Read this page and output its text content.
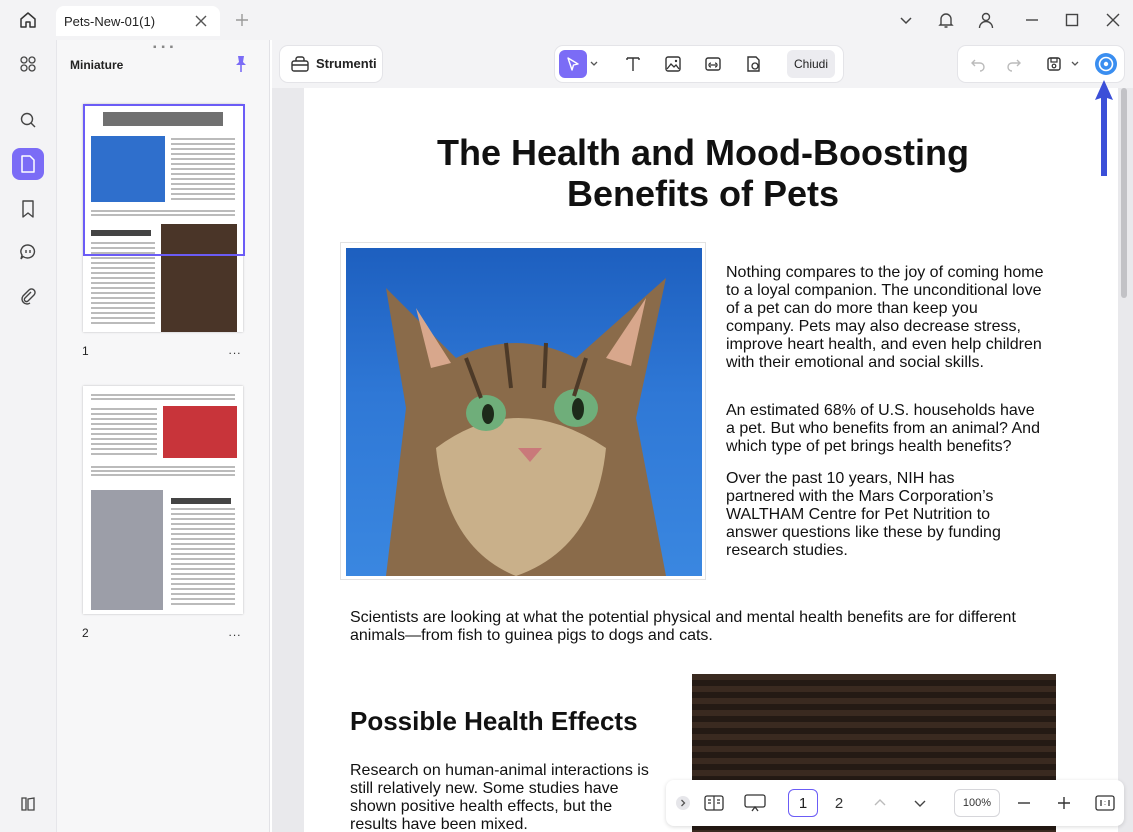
Pets-New-01(1)
▪ ▪ ▪
Miniature
1	...
2	...
Strumenti	Chiudi
The Health and Mood-Boosting
Benefits of Pets
Nothing compares to the joy of coming home to a loyal companion. The unconditional love of a pet can do more than keep you company. Pets may also decrease stress, improve heart health, and even help children with their emotional and social skills.
An estimated 68% of U.S. households have a pet. But who benefits from an animal? And which type of pet brings health benefits?
Over the past 10 years, NIH has partnered with the Mars Corporation’s WALTHAM Centre for Pet Nutrition to answer questions like these by funding research studies.
Scientists are looking at what the potential physical and mental health benefits are for different animals—from fish to guinea pigs to dogs and cats.
Possible Health Effects
Research on human-animal interactions is still relatively new. Some studies have shown positive health effects, but the results have been mixed.
1	2	100%
